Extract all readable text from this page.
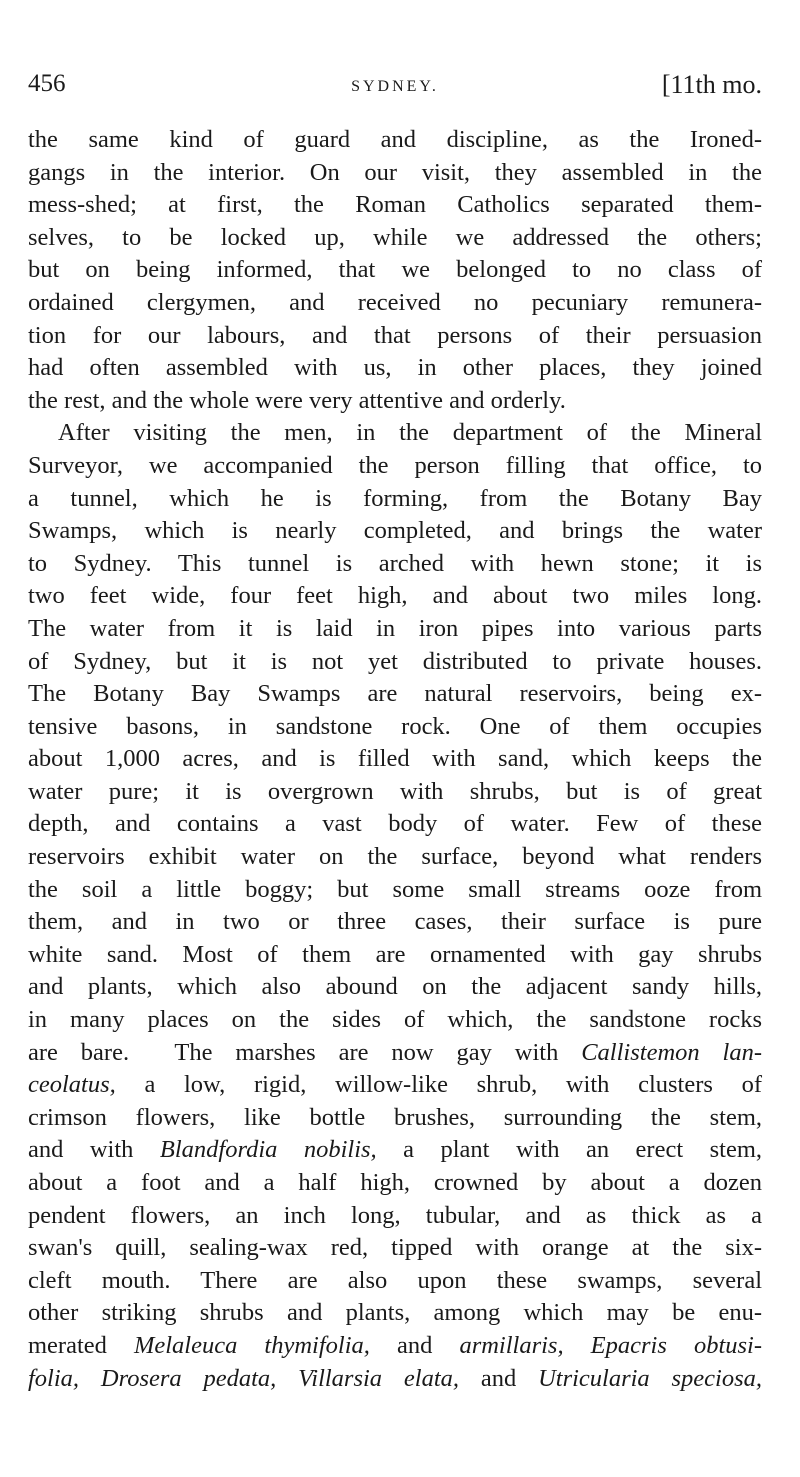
456	SYDNEY.	[11th mo.
the same kind of guard and discipline, as the Ironed-
gangs in the interior. On our visit, they assembled in the
mess-shed; at first, the Roman Catholics separated them-
selves, to be locked up, while we addressed the others;
but on being informed, that we belonged to no class of
ordained clergymen, and received no pecuniary remunera-
tion for our labours, and that persons of their persuasion
had often assembled with us, in other places, they joined
the rest, and the whole were very attentive and orderly.
After visiting the men, in the department of the Mineral
Surveyor, we accompanied the person filling that office, to
a tunnel, which he is forming, from the Botany Bay
Swamps, which is nearly completed, and brings the water
to Sydney. This tunnel is arched with hewn stone; it is
two feet wide, four feet high, and about two miles long.
The water from it is laid in iron pipes into various parts
of Sydney, but it is not yet distributed to private houses.
The Botany Bay Swamps are natural reservoirs, being ex-
tensive basons, in sandstone rock. One of them occupies
about 1,000 acres, and is filled with sand, which keeps the
water pure; it is overgrown with shrubs, but is of great
depth, and contains a vast body of water. Few of these
reservoirs exhibit water on the surface, beyond what renders
the soil a little boggy; but some small streams ooze from
them, and in two or three cases, their surface is pure
white sand. Most of them are ornamented with gay shrubs
and plants, which also abound on the adjacent sandy hills,
in many places on the sides of which, the sandstone rocks
are bare.  The marshes are now gay with Callistemon lan-
ceolatus, a low, rigid, willow-like shrub, with clusters of
crimson flowers, like bottle brushes, surrounding the stem,
and with Blandfordia nobilis, a plant with an erect stem,
about a foot and a half high, crowned by about a dozen
pendent flowers, an inch long, tubular, and as thick as a
swan's quill, sealing-wax red, tipped with orange at the six-
cleft mouth. There are also upon these swamps, several
other striking shrubs and plants, among which may be enu-
merated Melaleuca thymifolia, and armillaris, Epacris obtusi-
folia, Drosera pedata, Villarsia elata, and Utricularia speciosa,
